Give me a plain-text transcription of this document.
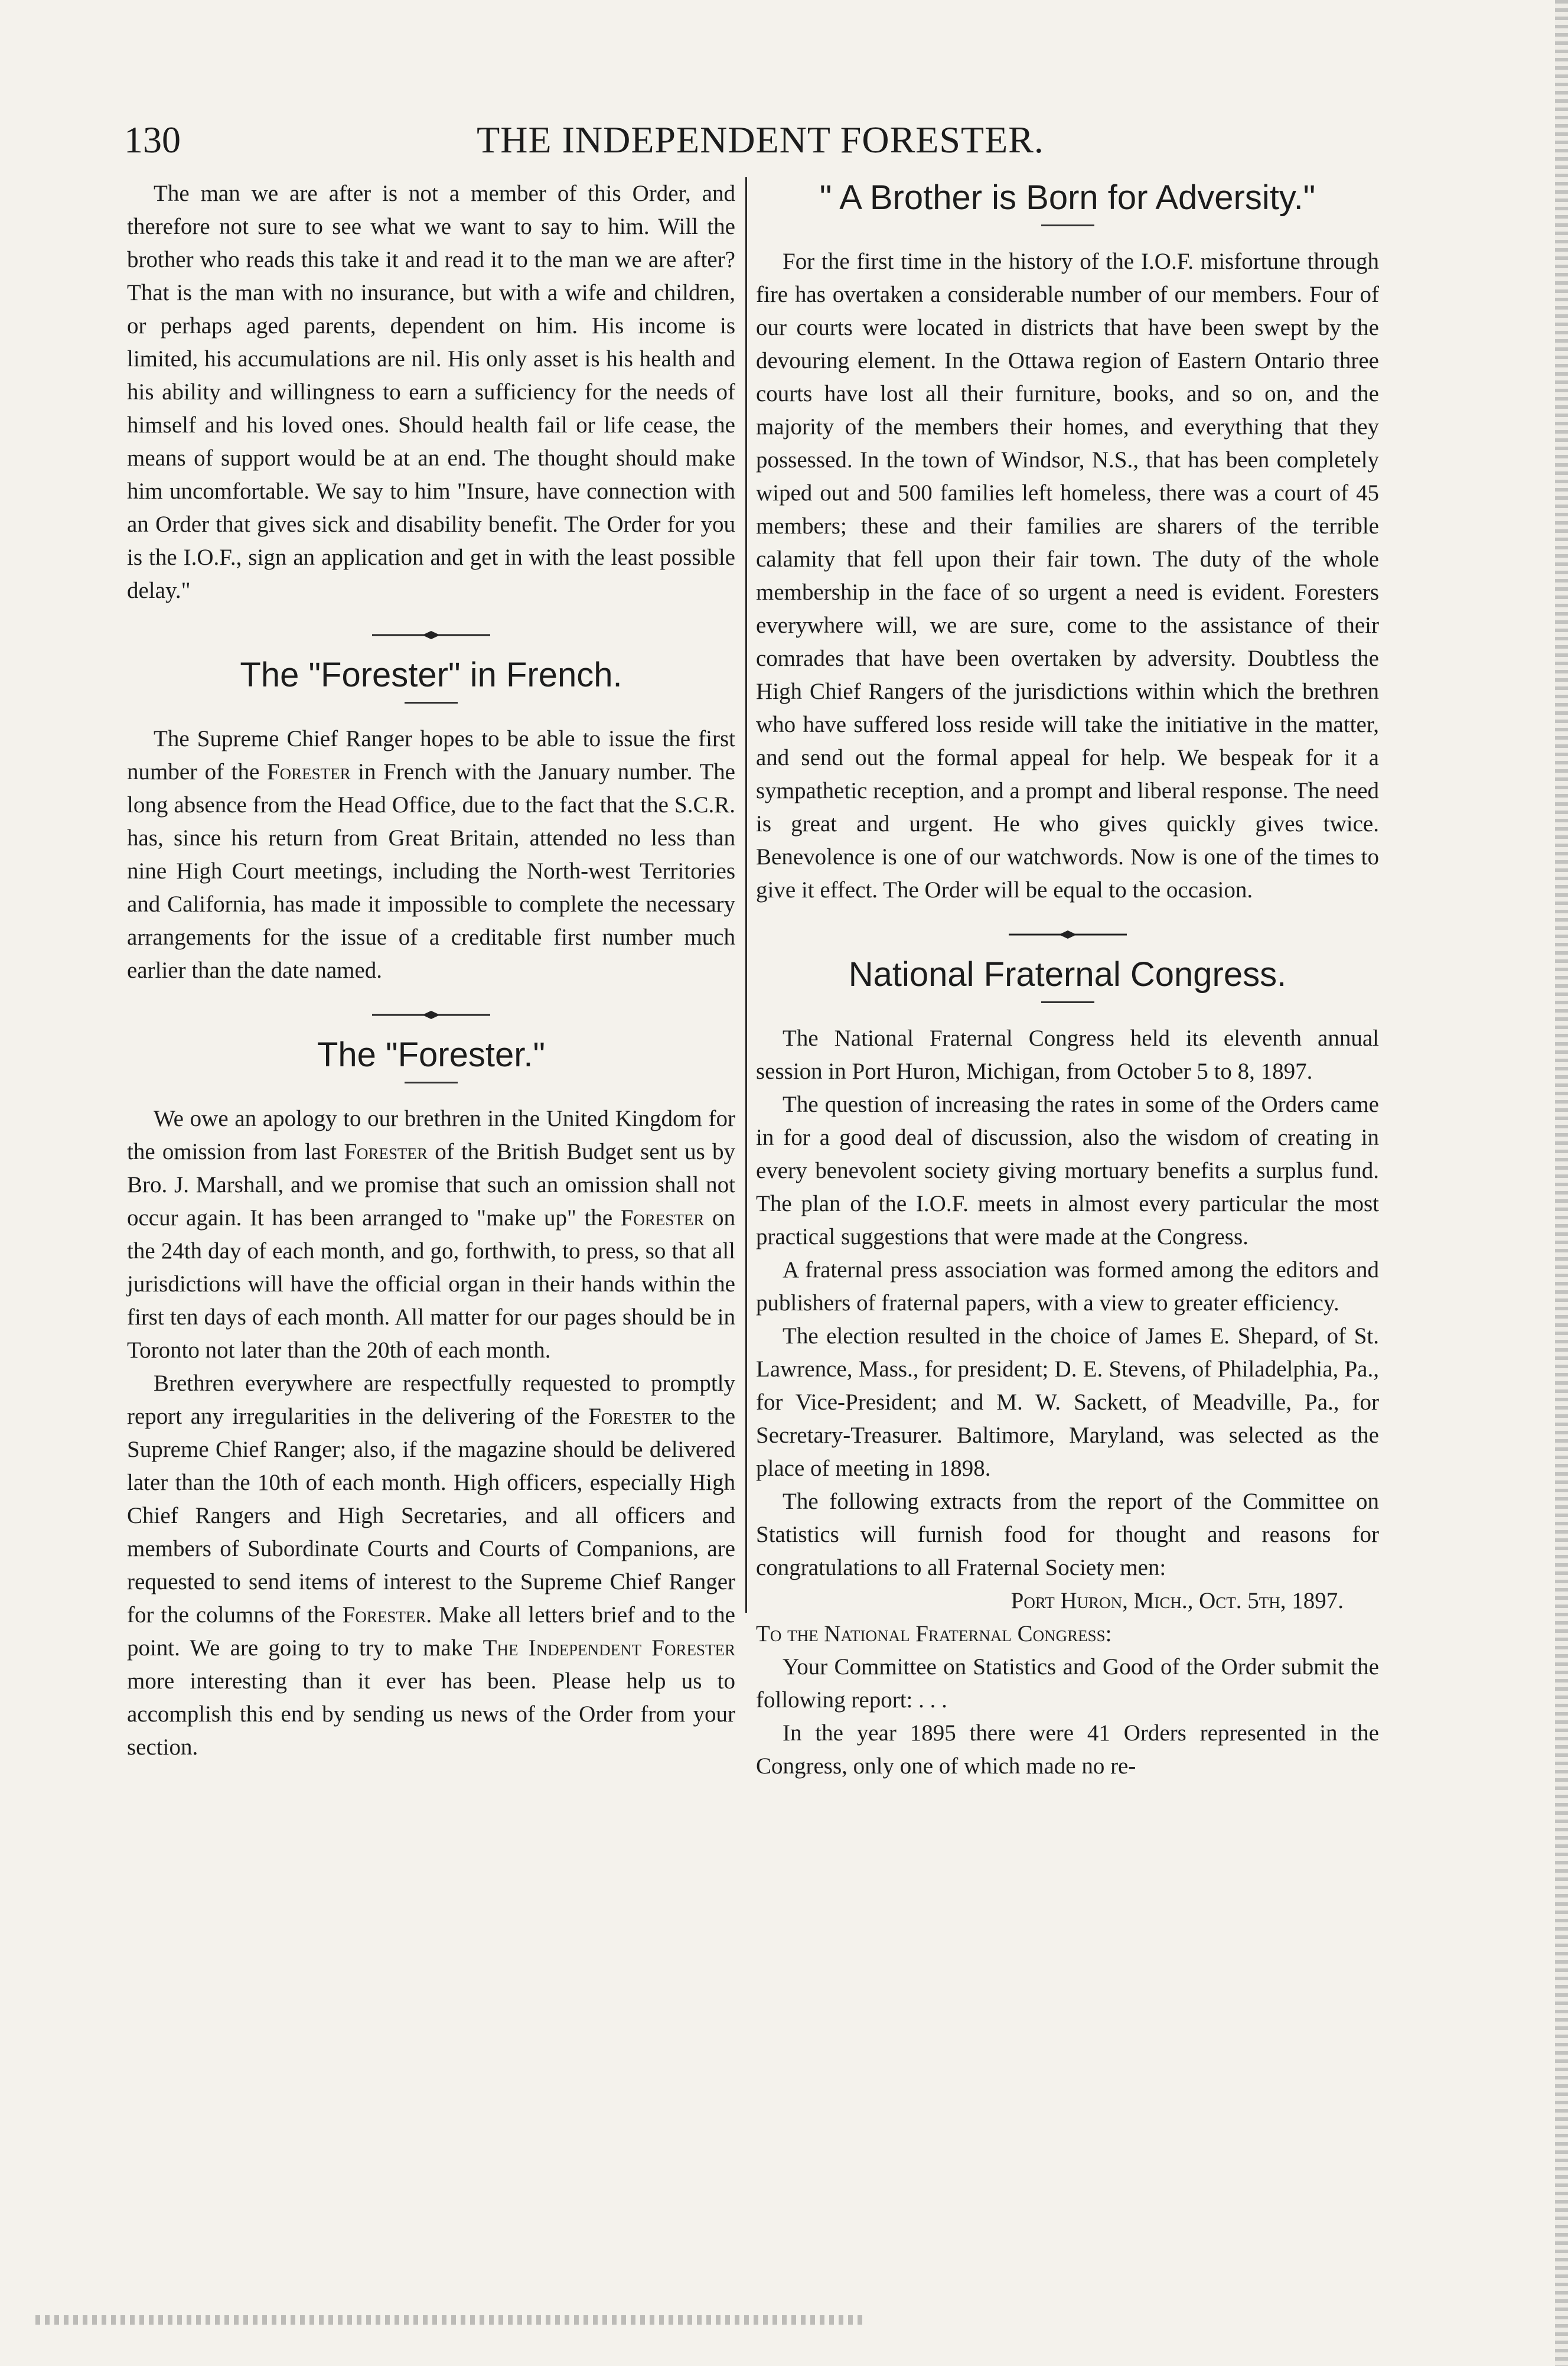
130	THE INDEPENDENT FORESTER.

The man we are after is not a member of this Order, and therefore not sure to see what we want to say to him. Will the brother who reads this take it and read it to the man we are after? That is the man with no insurance, but with a wife and children, or perhaps aged parents, dependent on him. His income is limited, his accumulations are nil. His only asset is his health and his ability and willingness to earn a sufficiency for the needs of himself and his loved ones. Should health fail or life cease, the means of support would be at an end. The thought should make him uncomfortable. We say to him "Insure, have connection with an Order that gives sick and disability benefit. The Order for you is the I.O.F., sign an application and get in with the least possible delay."

The "Forester" in French.

The Supreme Chief Ranger hopes to be able to issue the first number of the Forester in French with the January number. The long absence from the Head Office, due to the fact that the S.C.R. has, since his return from Great Britain, attended no less than nine High Court meetings, including the North-west Territories and California, has made it impossible to complete the necessary arrangements for the issue of a creditable first number much earlier than the date named.

The "Forester."

We owe an apology to our brethren in the United Kingdom for the omission from last Forester of the British Budget sent us by Bro. J. Marshall, and we promise that such an omission shall not occur again. It has been arranged to "make up" the Forester on the 24th day of each month, and go, forthwith, to press, so that all jurisdictions will have the official organ in their hands within the first ten days of each month. All matter for our pages should be in Toronto not later than the 20th of each month.

Brethren everywhere are respectfully requested to promptly report any irregularities in the delivering of the Forester to the Supreme Chief Ranger; also, if the magazine should be delivered later than the 10th of each month. High officers, especially High Chief Rangers and High Secretaries, and all officers and members of Subordinate Courts and Courts of Companions, are requested to send items of interest to the Supreme Chief Ranger for the columns of the Forester. Make all letters brief and to the point. We are going to try to make The Independent Forester more interesting than it ever has been. Please help us to accomplish this end by sending us news of the Order from your section.

" A Brother is Born for Adversity."

For the first time in the history of the I.O.F. misfortune through fire has overtaken a considerable number of our members. Four of our courts were located in districts that have been swept by the devouring element. In the Ottawa region of Eastern Ontario three courts have lost all their furniture, books, and so on, and the majority of the members their homes, and everything that they possessed. In the town of Windsor, N.S., that has been completely wiped out and 500 families left homeless, there was a court of 45 members; these and their families are sharers of the terrible calamity that fell upon their fair town. The duty of the whole membership in the face of so urgent a need is evident. Foresters everywhere will, we are sure, come to the assistance of their comrades that have been overtaken by adversity. Doubtless the High Chief Rangers of the jurisdictions within which the brethren who have suffered loss reside will take the initiative in the matter, and send out the formal appeal for help. We bespeak for it a sympathetic reception, and a prompt and liberal response. The need is great and urgent. He who gives quickly gives twice. Benevolence is one of our watchwords. Now is one of the times to give it effect. The Order will be equal to the occasion.

National Fraternal Congress.

The National Fraternal Congress held its eleventh annual session in Port Huron, Michigan, from October 5 to 8, 1897.

The question of increasing the rates in some of the Orders came in for a good deal of discussion, also the wisdom of creating in every benevolent society giving mortuary benefits a surplus fund. The plan of the I.O.F. meets in almost every particular the most practical suggestions that were made at the Congress.

A fraternal press association was formed among the editors and publishers of fraternal papers, with a view to greater efficiency.

The election resulted in the choice of James E. Shepard, of St. Lawrence, Mass., for president; D. E. Stevens, of Philadelphia, Pa., for Vice-President; and M. W. Sackett, of Meadville, Pa., for Secretary-Treasurer. Baltimore, Maryland, was selected as the place of meeting in 1898.

The following extracts from the report of the Committee on Statistics will furnish food for thought and reasons for congratulations to all Fraternal Society men:

Port Huron, Mich., Oct. 5th, 1897.

To the National Fraternal Congress:

Your Committee on Statistics and Good of the Order submit the following report: . . .

In the year 1895 there were 41 Orders represented in the Congress, only one of which made no re-
